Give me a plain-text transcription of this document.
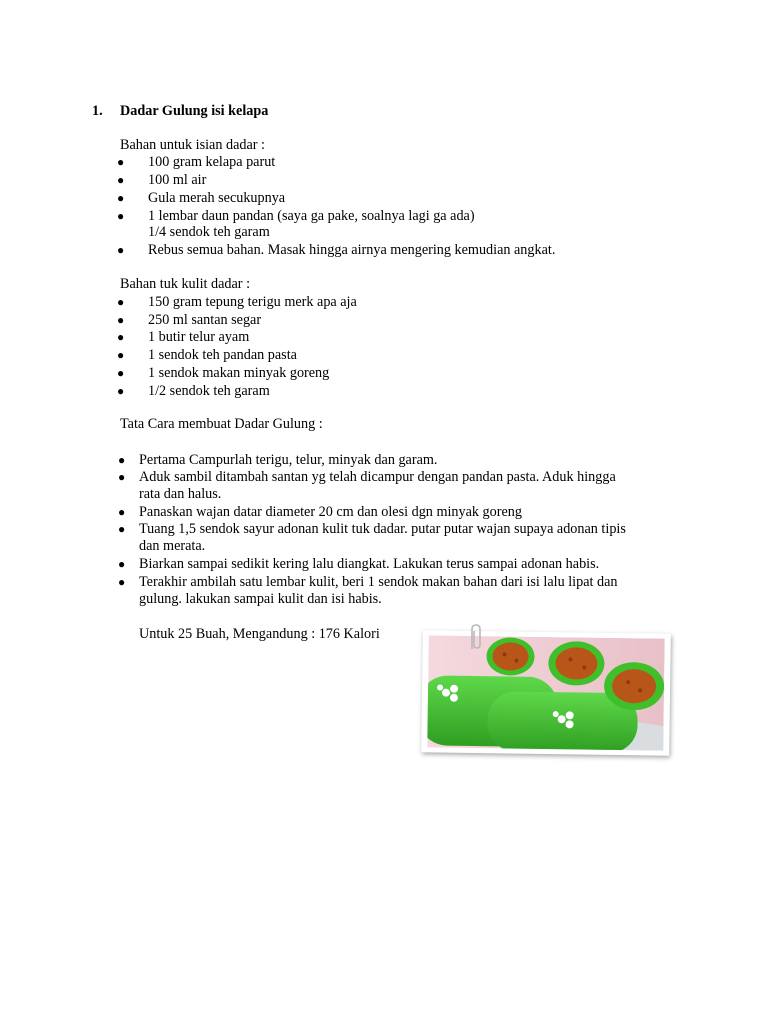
1. Dadar Gulung isi kelapa
Bahan untuk isian dadar :
● 100 gram kelapa parut
● 100 ml air
● Gula merah secukupnya
● 1 lembar daun pandan (saya ga pake, soalnya lagi ga ada)
1/4 sendok teh garam
● Rebus semua bahan. Masak hingga airnya mengering kemudian angkat.
Bahan tuk kulit dadar :
● 150 gram tepung terigu merk apa aja
● 250 ml santan segar
● 1 butir telur ayam
● 1 sendok teh pandan pasta
● 1 sendok makan minyak goreng
● 1/2 sendok teh garam
Tata Cara membuat Dadar Gulung :
● Pertama Campurlah terigu, telur, minyak dan garam.
● Aduk sambil ditambah santan yg telah dicampur dengan pandan pasta. Aduk hingga
rata dan halus.
● Panaskan wajan datar diameter 20 cm dan olesi dgn minyak goreng
● Tuang 1,5 sendok sayur adonan kulit tuk dadar. putar putar wajan supaya adonan tipis
dan merata.
● Biarkan sampai sedikit kering lalu diangkat. Lakukan terus sampai adonan habis.
● Terakhir ambilah satu lembar kulit, beri 1 sendok makan bahan dari isi lalu lipat dan
gulung. lakukan sampai kulit dan isi habis.
Untuk 25 Buah, Mengandung : 176 Kalori
